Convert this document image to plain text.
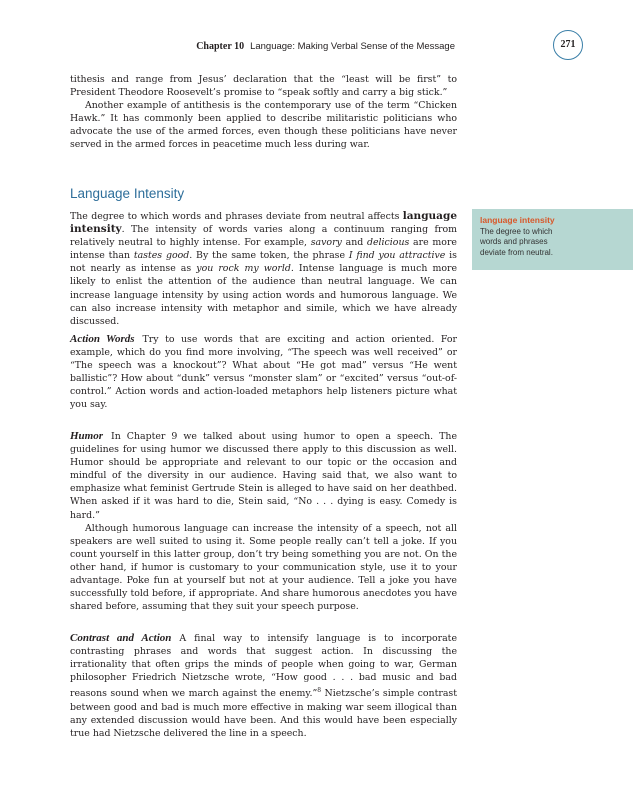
Chapter 10 Language: Making Verbal Sense of the Message	271

tithesis and range from Jesus’ declaration that the “least will be first” to President Theodore Roosevelt’s promise to “speak softly and carry a big stick.”

Another example of antithesis is the contemporary use of the term “Chicken Hawk.” It has commonly been applied to describe militaristic politicians who advocate the use of the armed forces, even though these politicians have never served in the armed forces in peacetime much less during war.

Language Intensity

The degree to which words and phrases deviate from neutral affects language intensity. The intensity of words varies along a continuum ranging from relatively neutral to highly intense. For example, savory and delicious are more intense than tastes good. By the same token, the phrase I find you attractive is not nearly as intense as you rock my world. Intense language is much more likely to enlist the attention of the audience than neutral language. We can increase language intensity by using action words and humorous language. We can also increase intensity with metaphor and simile, which we have already discussed.

language intensity
The degree to which words and phrases deviate from neutral.

Action Words Try to use words that are exciting and action oriented. For example, which do you find more involving, “The speech was well received” or “The speech was a knockout”? What about “He got mad” versus “He went ballistic”? How about “dunk” versus “monster slam” or “excited” versus “out-of-control.” Action words and action-loaded metaphors help listeners picture what you say.

Humor In Chapter 9 we talked about using humor to open a speech. The guidelines for using humor we discussed there apply to this discussion as well. Humor should be appropriate and relevant to our topic or the occasion and mindful of the diversity in our audience. Having said that, we also want to emphasize what feminist Gertrude Stein is alleged to have said on her deathbed. When asked if it was hard to die, Stein said, “No . . . dying is easy. Comedy is hard.”

Although humorous language can increase the intensity of a speech, not all speakers are well suited to using it. Some people really can’t tell a joke. If you count yourself in this latter group, don’t try being something you are not. On the other hand, if humor is customary to your communication style, use it to your advantage. Poke fun at yourself but not at your audience. Tell a joke you have successfully told before, if appropriate. And share humorous anecdotes you have shared before, assuming that they suit your speech purpose.

Contrast and Action A final way to intensify language is to incorporate contrasting phrases and words that suggest action. In discussing the irrationality that often grips the minds of people when going to war, German philosopher Friedrich Nietzsche wrote, “How good . . . bad music and bad reasons sound when we march against the enemy.”$^8$ Nietzsche’s simple contrast between good and bad is much more effective in making war seem illogical than any extended discussion would have been. And this would have been especially true had Nietzsche delivered the line in a speech.
